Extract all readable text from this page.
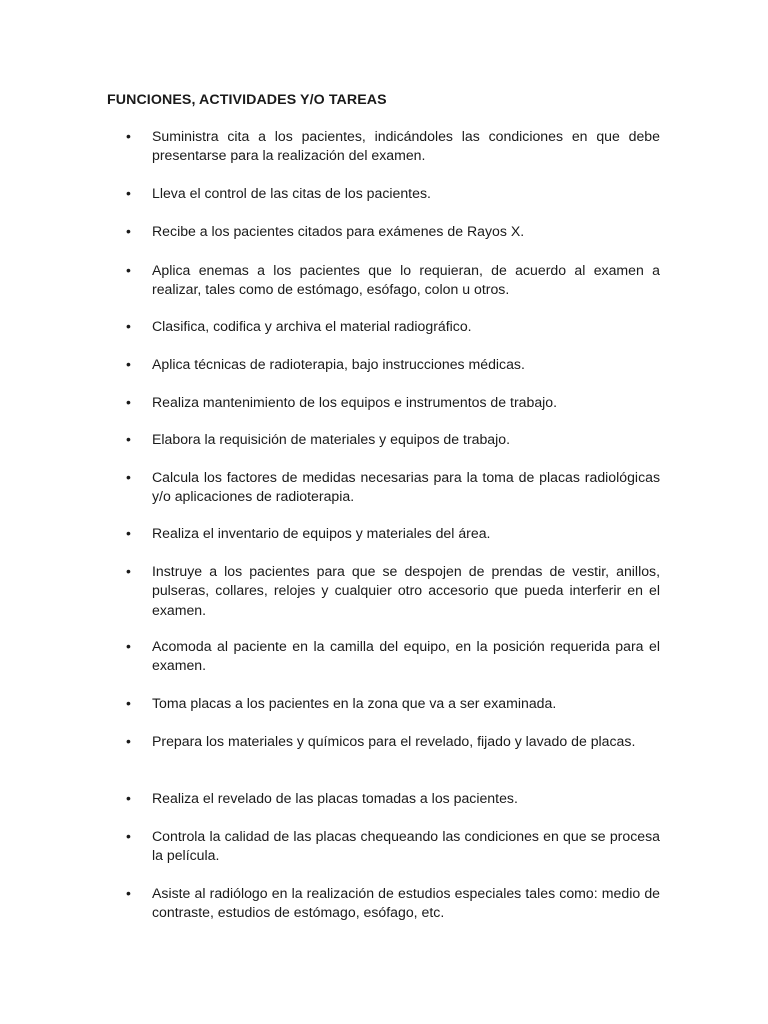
FUNCIONES, ACTIVIDADES Y/O TAREAS
• Suministra cita a los pacientes, indicándoles las condiciones en que debe presentarse para la realización del examen.
• Lleva el control de las citas de los pacientes.
• Recibe a los pacientes citados para exámenes de Rayos X.
• Aplica enemas a los pacientes que lo requieran, de acuerdo al examen a realizar, tales como de estómago, esófago, colon u otros.
• Clasifica, codifica y archiva el material radiográfico.
• Aplica técnicas de radioterapia, bajo instrucciones médicas.
• Realiza mantenimiento de los equipos e instrumentos de trabajo.
• Elabora la requisición de materiales y equipos de trabajo.
• Calcula los factores de medidas necesarias para la toma de placas radiológicas y/o aplicaciones de radioterapia.
• Realiza el inventario de equipos y materiales del área.
• Instruye a los pacientes para que se despojen de prendas de vestir, anillos, pulseras, collares, relojes y cualquier otro accesorio que pueda interferir en el examen.
• Acomoda al paciente en la camilla del equipo, en la posición requerida para el examen.
• Toma placas a los pacientes en la zona que va a ser examinada.
• Prepara los materiales y químicos para el revelado, fijado y lavado de placas.
• Realiza el revelado de las placas tomadas a los pacientes.
• Controla la calidad de las placas chequeando las condiciones en que se procesa la película.
• Asiste al radiólogo en la realización de estudios especiales tales como: medio de contraste, estudios de estómago, esófago, etc.
